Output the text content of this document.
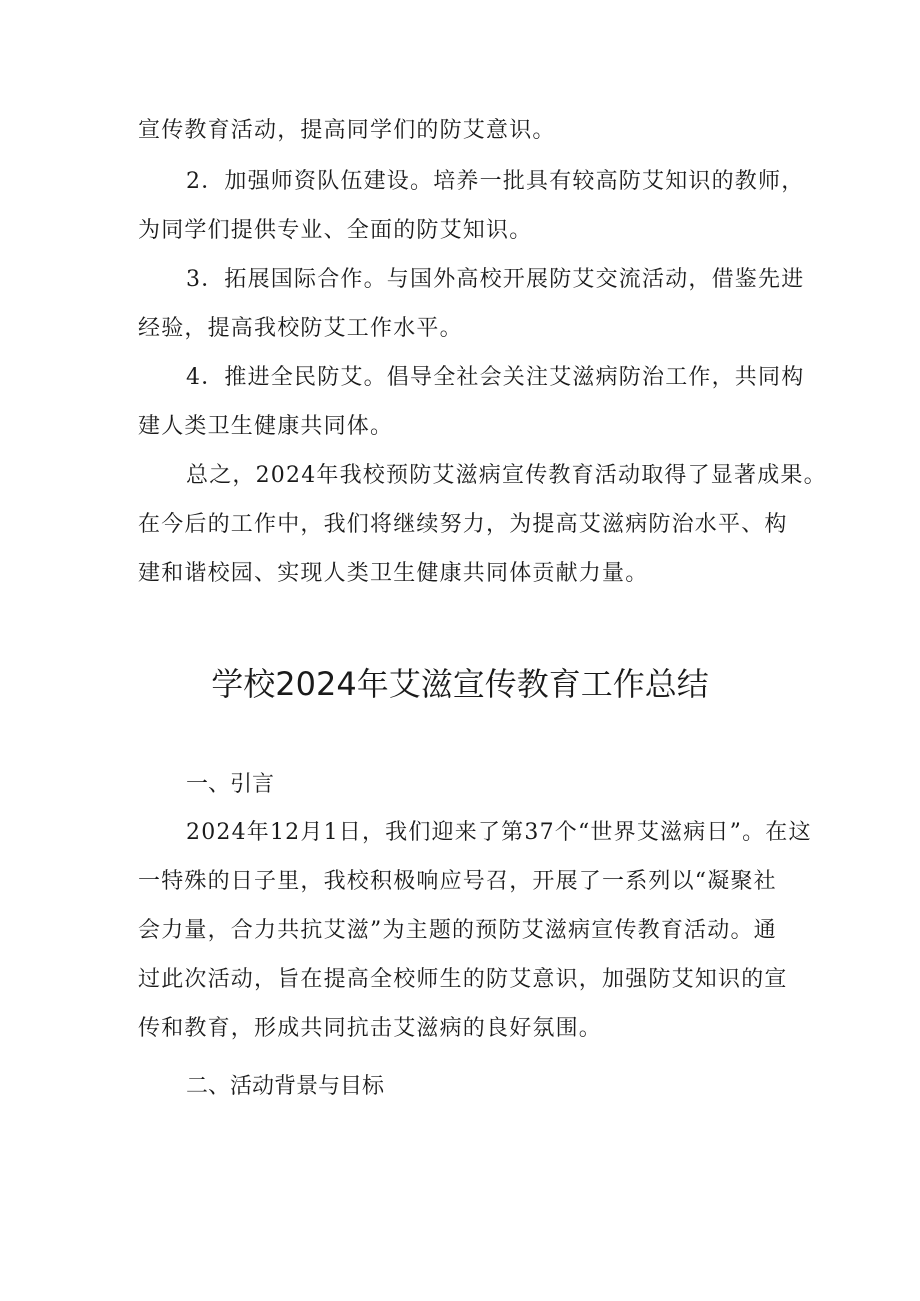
宣传教育活动，提高同学们的防艾意识。
2．加强师资队伍建设。培养一批具有较高防艾知识的教师，
为同学们提供专业、全面的防艾知识。
3．拓展国际合作。与国外高校开展防艾交流活动，借鉴先进
经验，提高我校防艾工作水平。
4．推进全民防艾。倡导全社会关注艾滋病防治工作，共同构
建人类卫生健康共同体。
总之，2024年我校预防艾滋病宣传教育活动取得了显著成果。
在今后的工作中，我们将继续努力，为提高艾滋病防治水平、构
建和谐校园、实现人类卫生健康共同体贡献力量。
学校2024年艾滋宣传教育工作总结
一、引言
2024年12月1日，我们迎来了第37个“世界艾滋病日”。在这
一特殊的日子里，我校积极响应号召，开展了一系列以“凝聚社
会力量，合力共抗艾滋”为主题的预防艾滋病宣传教育活动。通
过此次活动，旨在提高全校师生的防艾意识，加强防艾知识的宣
传和教育，形成共同抗击艾滋病的良好氛围。
二、活动背景与目标
